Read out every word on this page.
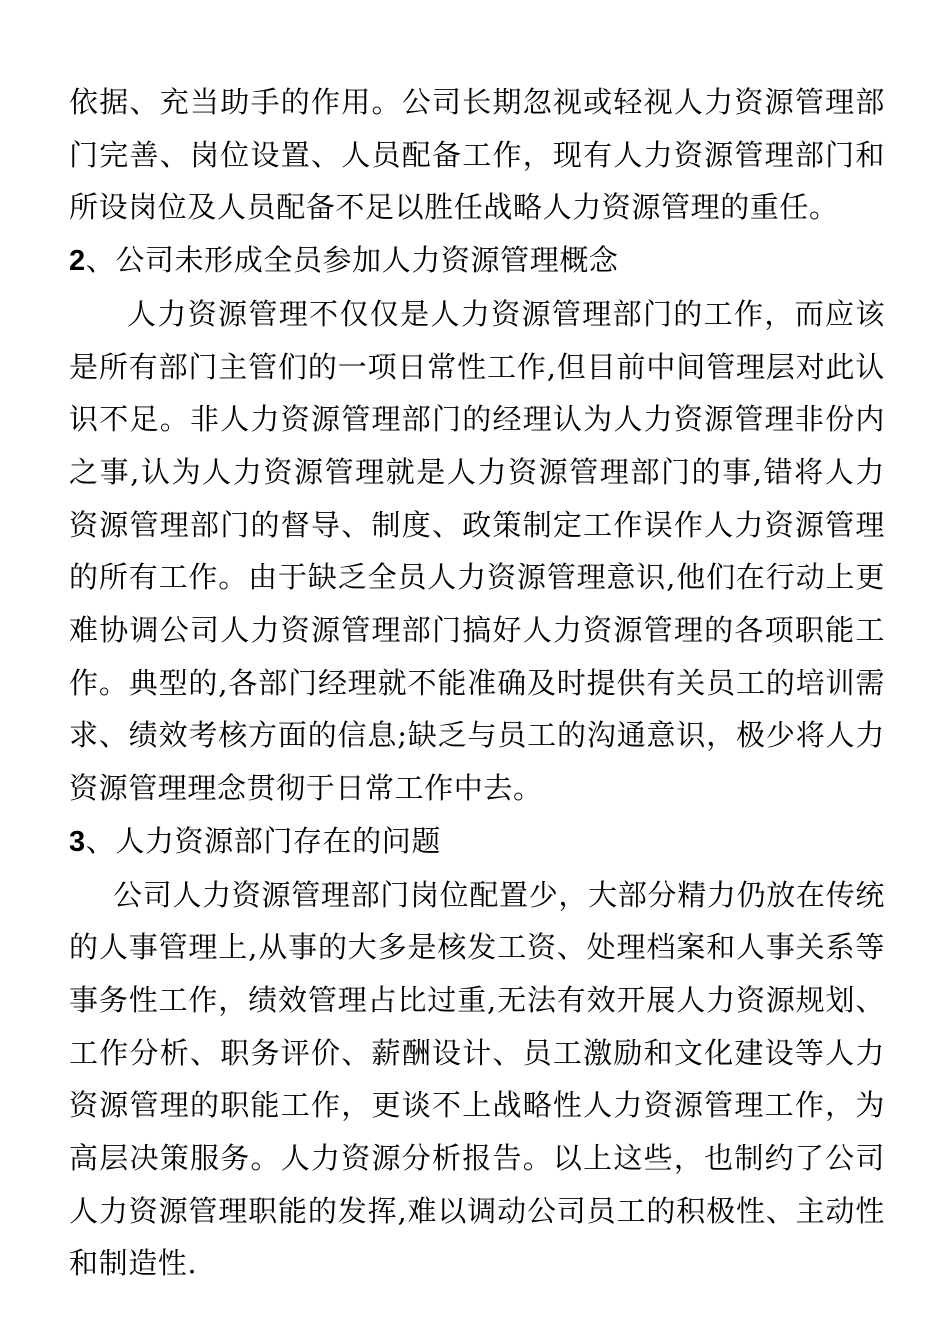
依据、充当助手的作用。公司长期忽视或轻视人力资源管理部门完善、岗位设置、人员配备工作，现有人力资源管理部门和所设岗位及人员配备不足以胜任战略人力资源管理的重任。

2、公司未形成全员参加人力资源管理概念

人力资源管理不仅仅是人力资源管理部门的工作，而应该是所有部门主管们的一项日常性工作,但目前中间管理层对此认识不足。非人力资源管理部门的经理认为人力资源管理非份内之事,认为人力资源管理就是人力资源管理部门的事,错将人力资源管理部门的督导、制度、政策制定工作误作人力资源管理的所有工作。由于缺乏全员人力资源管理意识,他们在行动上更难协调公司人力资源管理部门搞好人力资源管理的各项职能工作。典型的,各部门经理就不能准确及时提供有关员工的培训需求、绩效考核方面的信息;缺乏与员工的沟通意识，极少将人力资源管理理念贯彻于日常工作中去。

3、人力资源部门存在的问题

公司人力资源管理部门岗位配置少，大部分精力仍放在传统的人事管理上,从事的大多是核发工资、处理档案和人事关系等事务性工作，绩效管理占比过重,无法有效开展人力资源规划、工作分析、职务评价、薪酬设计、员工激励和文化建设等人力资源管理的职能工作，更谈不上战略性人力资源管理工作，为高层决策服务。人力资源分析报告。以上这些，也制约了公司人力资源管理职能的发挥,难以调动公司员工的积极性、主动性和制造性.
